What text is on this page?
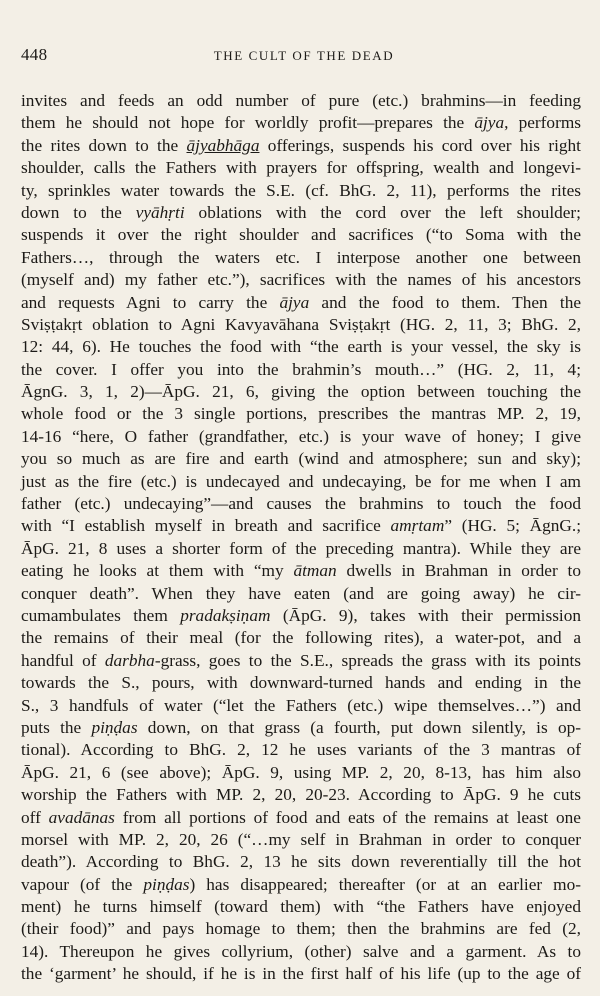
448	THE CULT OF THE DEAD
invites and feeds an odd number of pure (etc.) brahmins—in feeding
them he should not hope for worldly profit—prepares the ājya, performs
the rites down to the ājyabhāga offerings, suspends his cord over his right
shoulder, calls the Fathers with prayers for offspring, wealth and longevi-
ty, sprinkles water towards the S.E. (cf. BhG. 2, 11), performs the rites
down to the vyāhṛti oblations with the cord over the left shoulder;
suspends it over the right shoulder and sacrifices (“to Soma with the
Fathers…, through the waters etc. I interpose another one between
(myself and) my father etc.”), sacrifices with the names of his ancestors
and requests Agni to carry the ājya and the food to them. Then the
Sviṣṭakṛt oblation to Agni Kavyavāhana Sviṣṭakṛt (HG. 2, 11, 3; BhG. 2,
12: 44, 6). He touches the food with “the earth is your vessel, the sky is
the cover. I offer you into the brahmin’s mouth…” (HG. 2, 11, 4;
ĀgnG. 3, 1, 2)—ĀpG. 21, 6, giving the option between touching the
whole food or the 3 single portions, prescribes the mantras MP. 2, 19,
14-16 “here, O father (grandfather, etc.) is your wave of honey; I give
you so much as are fire and earth (wind and atmosphere; sun and sky);
just as the fire (etc.) is undecayed and undecaying, be for me when I am
father (etc.) undecaying”—and causes the brahmins to touch the food
with “I establish myself in breath and sacrifice amṛtam” (HG. 5; ĀgnG.;
ĀpG. 21, 8 uses a shorter form of the preceding mantra). While they are
eating he looks at them with “my ātman dwells in Brahman in order to
conquer death”. When they have eaten (and are going away) he cir-
cumambulates them pradakṣiṇam (ĀpG. 9), takes with their permission
the remains of their meal (for the following rites), a water-pot, and a
handful of darbha-grass, goes to the S.E., spreads the grass with its points
towards the S., pours, with downward-turned hands and ending in the
S., 3 handfuls of water (“let the Fathers (etc.) wipe themselves…”) and
puts the piṇḍas down, on that grass (a fourth, put down silently, is op-
tional). According to BhG. 2, 12 he uses variants of the 3 mantras of
ĀpG. 21, 6 (see above); ĀpG. 9, using MP. 2, 20, 8-13, has him also
worship the Fathers with MP. 2, 20, 20-23. According to ĀpG. 9 he cuts
off avadānas from all portions of food and eats of the remains at least one
morsel with MP. 2, 20, 26 (“…my self in Brahman in order to conquer
death”). According to BhG. 2, 13 he sits down reverentially till the hot
vapour (of the piṇḍas) has disappeared; thereafter (or at an earlier mo-
ment) he turns himself (toward them) with “the Fathers have enjoyed
(their food)” and pays homage to them; then the brahmins are fed (2,
14). Thereupon he gives collyrium, (other) salve and a garment. As to
the ‘garment’ he should, if he is in the first half of his life (up to the age of
